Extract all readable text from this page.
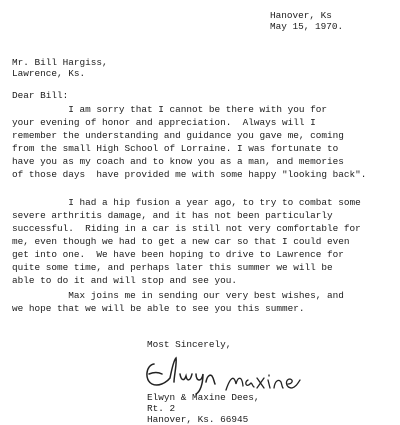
Hanover, Ks
May 15, 1970.
Mr. Bill Hargiss,
Lawrence, Ks.
Dear Bill:
I am sorry that I cannot be there with you for
your evening of honor and appreciation.  Always will I
remember the understanding and guidance you gave me, coming
from the small High School of Lorraine. I was fortunate to
have you as my coach and to know you as a man, and memories
of those days  have provided me with some happy "looking back".
I had a hip fusion a year ago, to try to combat some
severe arthritis damage, and it has not been particularly
successful.  Riding in a car is still not very comfortable for
me, even though we had to get a new car so that I could even
get into one.  We have been hoping to drive to Lawrence for
quite some time, and perhaps later this summer we will be
able to do it and will stop and see you.
Max joins me in sending our very best wishes, and
we hope that we will be able to see you this summer.
Most Sincerely,
Elwyn & Maxine Dees,
Rt. 2
Hanover, Ks. 66945
